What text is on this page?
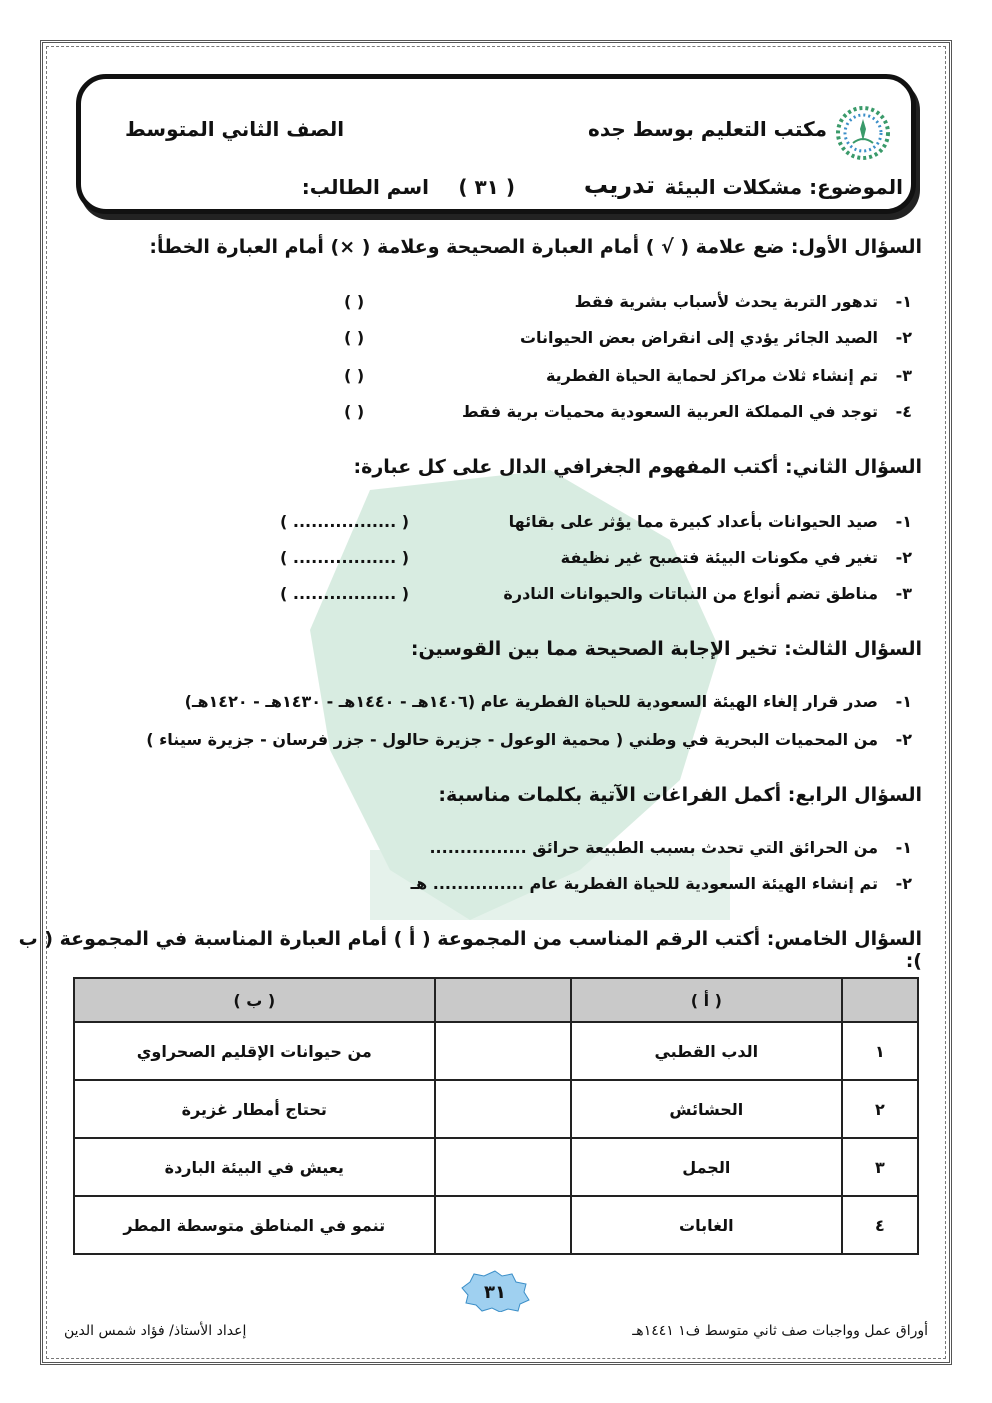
مكتب التعليم بوسط جده
الصف الثاني المتوسط
الموضوع: مشكلات البيئة
تدريب
( ٣١ )
اسم الطالب:
السؤال الأول: ضع علامة ( √ ) أمام العبارة الصحيحة وعلامة ( ×) أمام العبارة الخطأ:
١-تدهور التربة يحدث لأسباب بشرية فقط
( )
٢-الصيد الجائر يؤدي إلى انقراض بعض الحيوانات
( )
٣-تم إنشاء ثلاث مراكز لحماية الحياة الفطرية
( )
٤-توجد في المملكة العربية السعودية محميات برية فقط
( )
السؤال الثاني: أكتب المفهوم الجغرافي الدال على كل عبارة:
١-صيد الحيوانات بأعداد كبيرة مما يؤثر على بقائها
( ................. )
٢-تغير في مكونات البيئة فتصبح غير نظيفة
( ................. )
٣-مناطق تضم أنواع من النباتات والحيوانات النادرة
( ................. )
السؤال الثالث: تخير الإجابة الصحيحة مما بين القوسين:
١-صدر قرار إلغاء الهيئة السعودية للحياة الفطرية عام (١٤٠٦هـ - ١٤٤٠هـ - ١٤٣٠هـ - ١٤٢٠هـ)
٢-من المحميات البحرية في وطني ( محمية الوعول - جزيرة حالول - جزر فرسان - جزيرة سيناء )
السؤال الرابع: أكمل الفراغات الآتية بكلمات مناسبة:
١-من الحرائق التي تحدث بسبب الطبيعة حرائق ................
٢-تم إنشاء الهيئة السعودية للحياة الفطرية عام ............... هـ
السؤال الخامس: أكتب الرقم المناسب من المجموعة ( أ ) أمام العبارة المناسبة في المجموعة ( ب ):
	( أ )		( ب )
١	الدب القطبي		من حيوانات الإقليم الصحراوي
٢	الحشائش		تحتاج أمطار غزيرة
٣	الجمل		يعيش في البيئة الباردة
٤	الغابات		تنمو في المناطق متوسطة المطر
٣١
إعداد الأستاذ/ فؤاد شمس الدين	أوراق عمل وواجبات صف ثاني متوسط ف١ ١٤٤١هـ
